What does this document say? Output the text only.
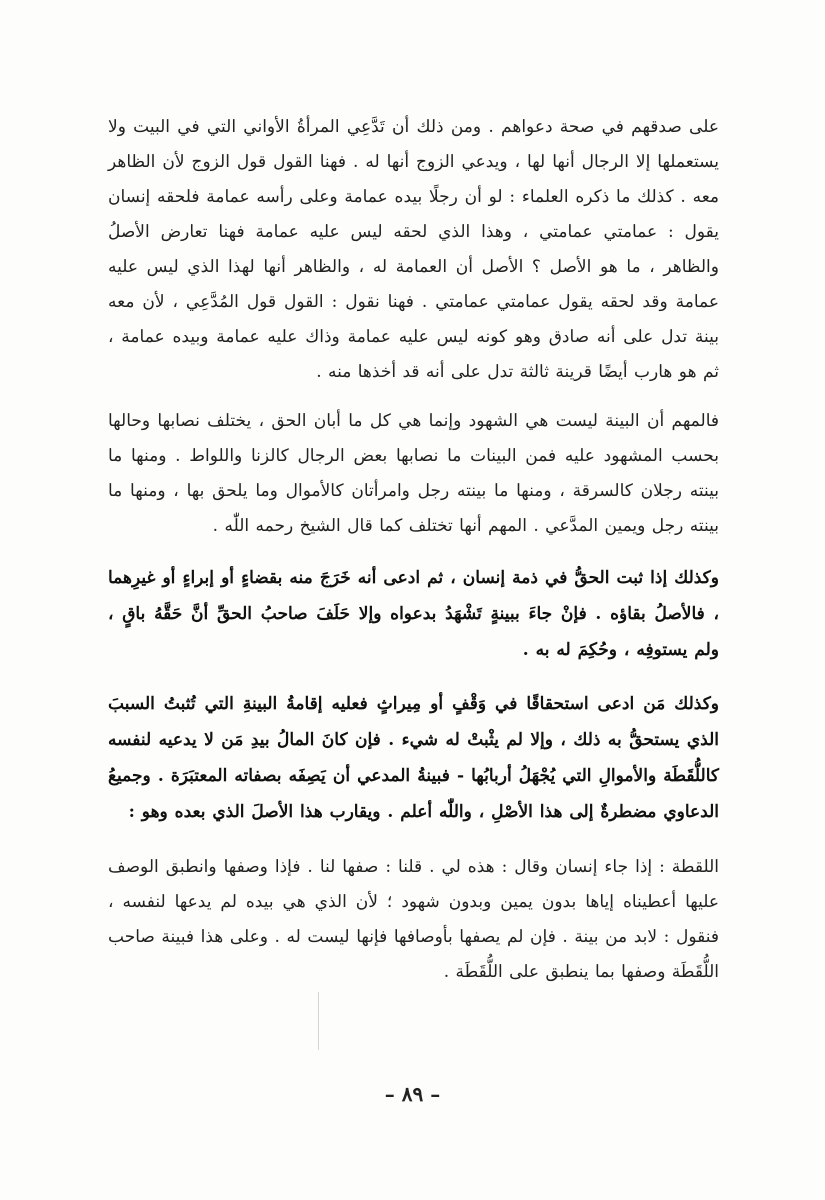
على صدقهم في صحة دعواهم . ومن ذلك أن تَدَّعِي المرأةُ الأواني التي في البيت ولا يستعملها إلا الرجال أنها لها ، ويدعي الزوج أنها له . فهنا القول قول الزوج لأن الظاهر معه . كذلك ما ذكره العلماء : لو أن رجلًا بيده عمامة وعلى رأسه عمامة فلحقه إنسان يقول : عمامتي عمامتي ، وهذا الذي لحقه ليس عليه عمامة فهنا تعارض الأصلُ والظاهر ، ما هو الأصل ؟ الأصل أن العمامة له ، والظاهر أنها لهذا الذي ليس عليه عمامة وقد لحقه يقول عمامتي عمامتي . فهنا نقول : القول قول المُدَّعِي ، لأن معه بينة تدل على أنه صادق وهو كونه ليس عليه عمامة وذاك عليه عمامة وبيده عمامة ، ثم هو هارب أيضًا قرينة ثالثة تدل على أنه قد أخذها منه .

فالمهم أن البينة ليست هي الشهود وإنما هي كل ما أبان الحق ، يختلف نصابها وحالها بحسب المشهود عليه فمن البينات ما نصابها بعض الرجال كالزنا واللواط . ومنها ما بينته رجلان كالسرقة ، ومنها ما بينته رجل وامرأتان كالأموال وما يلحق بها ، ومنها ما بينته رجل ويمين المدَّعي . المهم أنها تختلف كما قال الشيخ رحمه اللّٰه .

وكذلك إذا ثبت الحقُّ في ذمة إنسان ، ثم ادعى أنه خَرَجَ منه بقضاءٍ أو إبراءٍ أو غيرِهما ، فالأصلُ بقاؤه . فإنْ جاءَ ببينةٍ تَشْهَدُ بدعواه وإلا حَلَفَ صاحبُ الحقِّ أنَّ حَقَّهُ باقٍ ، ولم يستوفِه ، وحُكِمَ له به .

وكذلك مَن ادعى استحقاقًا في وَقْفٍ أو مِيراثٍ فعليه إقامةُ البينةِ التي تُثبتُ السببَ الذي يستحقُّ به ذلك ، وإلا لم يثْبتْ له شيء . فإن كانَ المالُ بيدِ مَن لا يدعيه لنفسه كاللُّقَطَة والأموالِ التي يُجْهَلُ أربابُها - فبينةُ المدعي أن يَصِفَه بصفاته المعتبَرَة . وجميعُ الدعاوي مضطرةٌ إلى هذا الأصْلِ ، واللّٰه أعلم . ويقارب هذا الأصلَ الذي بعده وهو :

اللقطة : إذا جاء إنسان وقال : هذه لي . قلنا : صفها لنا . فإذا وصفها وانطبق الوصف عليها أعطيناه إياها بدون يمين وبدون شهود ؛ لأن الذي هي بيده لم يدعها لنفسه ، فنقول : لابد من بينة . فإن لم يصفها بأوصافها فإنها ليست له . وعلى هذا فبينة صاحب اللُّقَطَة وصفها بما ينطبق على اللُّقَطَة .

– ٨٩ –
